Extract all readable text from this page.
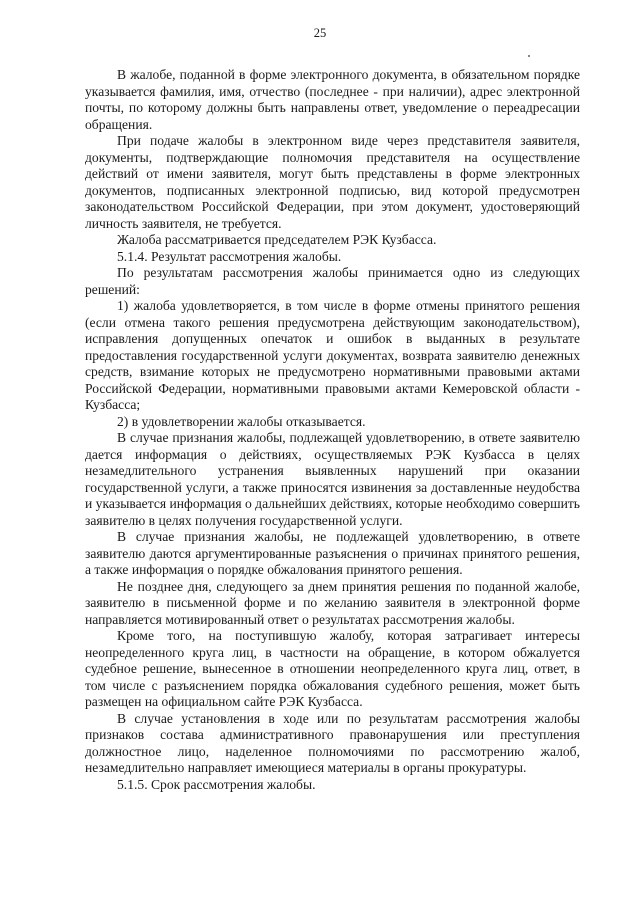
25

В жалобе, поданной в форме электронного документа, в обязательном порядке указывается фамилия, имя, отчество (последнее - при наличии), адрес электронной почты, по которому должны быть направлены ответ, уведомление о переадресации обращения.

При подаче жалобы в электронном виде через представителя заявителя, документы, подтверждающие полномочия представителя на осуществление действий от имени заявителя, могут быть представлены в форме электронных документов, подписанных электронной подписью, вид которой предусмотрен законодательством Российской Федерации, при этом документ, удостоверяющий личность заявителя, не требуется.

Жалоба рассматривается председателем РЭК Кузбасса.

5.1.4. Результат рассмотрения жалобы.

По результатам рассмотрения жалобы принимается одно из следующих решений:

1) жалоба удовлетворяется, в том числе в форме отмены принятого решения (если отмена такого решения предусмотрена действующим законодательством), исправления допущенных опечаток и ошибок в выданных в результате предоставления государственной услуги документах, возврата заявителю денежных средств, взимание которых не предусмотрено нормативными правовыми актами Российской Федерации, нормативными правовыми актами Кемеровской области - Кузбасса;

2) в удовлетворении жалобы отказывается.

В случае признания жалобы, подлежащей удовлетворению, в ответе заявителю дается информация о действиях, осуществляемых РЭК Кузбасса в целях незамедлительного устранения выявленных нарушений при оказании государственной услуги, а также приносятся извинения за доставленные неудобства и указывается информация о дальнейших действиях, которые необходимо совершить заявителю в целях получения государственной услуги.

В случае признания жалобы, не подлежащей удовлетворению, в ответе заявителю даются аргументированные разъяснения о причинах принятого решения, а также информация о порядке обжалования принятого решения.

Не позднее дня, следующего за днем принятия решения по поданной жалобе, заявителю в письменной форме и по желанию заявителя в электронной форме направляется мотивированный ответ о результатах рассмотрения жалобы.

Кроме того, на поступившую жалобу, которая затрагивает интересы неопределенного круга лиц, в частности на обращение, в котором обжалуется судебное решение, вынесенное в отношении неопределенного круга лиц, ответ, в том числе с разъяснением порядка обжалования судебного решения, может быть размещен на официальном сайте РЭК Кузбасса.

В случае установления в ходе или по результатам рассмотрения жалобы признаков состава административного правонарушения или преступления должностное лицо, наделенное полномочиями по рассмотрению жалоб, незамедлительно направляет имеющиеся материалы в органы прокуратуры.

5.1.5. Срок рассмотрения жалобы.
